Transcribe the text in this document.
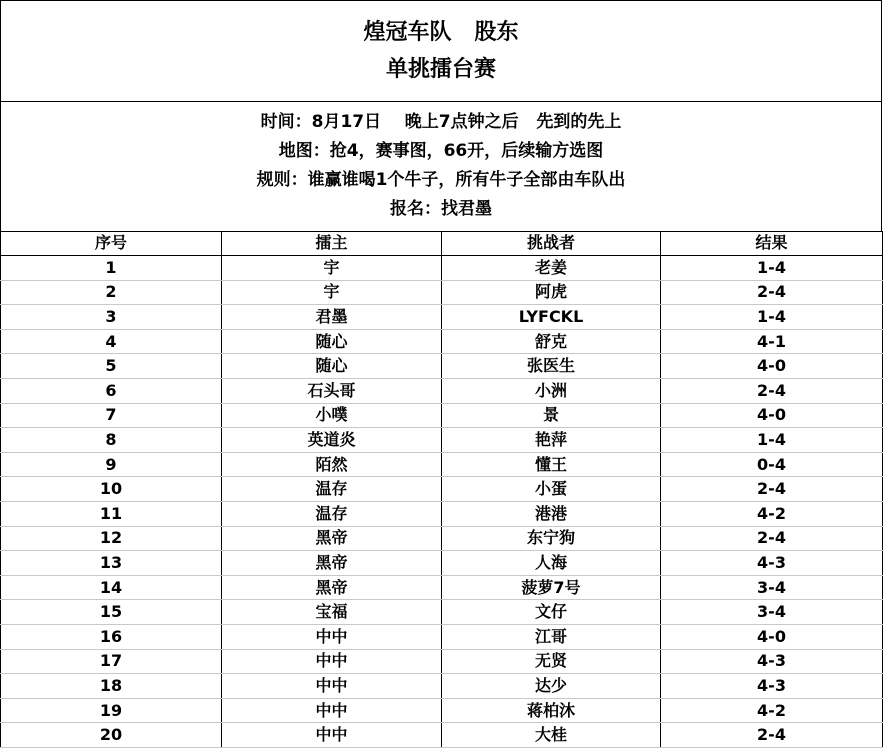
煌冠车队   股东
单挑擂台赛
时间：8月17日    晚上7点钟之后   先到的先上
地图：抢4，赛事图，66开，后续输方选图
规则：谁赢谁喝1个牛子，所有牛子全部由车队出
报名：找君墨
序号	擂主	挑战者	结果
1	宇	老姜	1-4
2	宇	阿虎	2-4
3	君墨	LYFCKL	1-4
4	随心	舒克	4-1
5	随心	张医生	4-0
6	石头哥	小洲	2-4
7	小噗	景	4-0
8	英道炎	艳萍	1-4
9	陌然	懂王	0-4
10	温存	小蛋	2-4
11	温存	港港	4-2
12	黑帝	东宁狗	2-4
13	黑帝	人海	4-3
14	黑帝	菠萝7号	3-4
15	宝福	文仔	3-4
16	中中	江哥	4-0
17	中中	无贤	4-3
18	中中	达少	4-3
19	中中	蒋柏沐	4-2
20	中中	大桂	2-4
